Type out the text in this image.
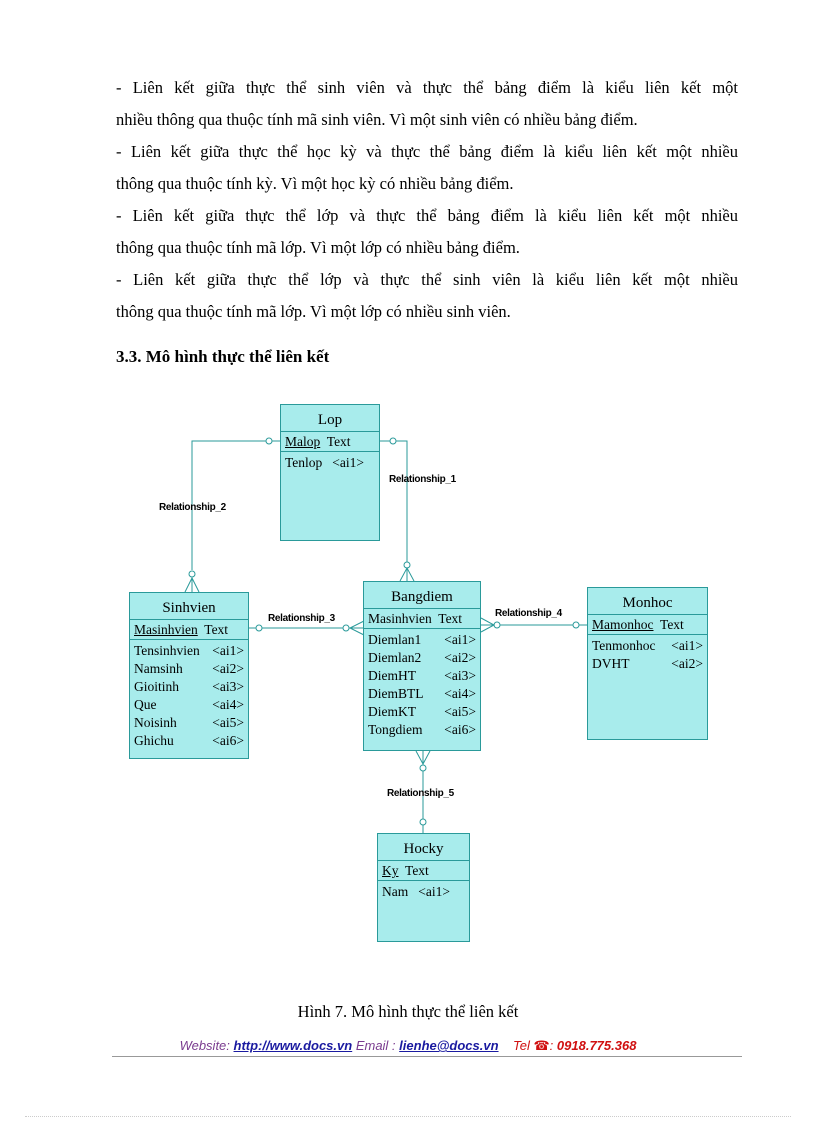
- Liên kết giữa thực thể sinh viên và thực thể bảng điểm là kiểu liên kết một
nhiều thông qua thuộc tính mã sinh viên. Vì một sinh viên có nhiều bảng điểm.
- Liên kết giữa thực thể học kỳ và thực thể bảng điểm là kiểu liên kết một nhiều
thông qua thuộc tính kỳ. Vì một học kỳ có nhiều bảng điểm.
- Liên kết giữa thực thể lớp và thực thể bảng điểm là kiểu liên kết một nhiều
thông qua thuộc tính mã lớp. Vì một lớp có nhiều bảng điểm.
- Liên kết giữa thực thể lớp và thực thể sinh viên là kiểu liên kết một nhiều
thông qua thuộc tính mã lớp. Vì một lớp có nhiều sinh viên.
3.3. Mô hình thực thể liên kết
Relationship_1
Relationship_2
Relationship_3	Relationship_4
Relationship_5
Lop
Malop Text
Tenlop <ai1>
Sinhvien
Masinhvien Text
Tensinhvien <ai1>
Namsinh <ai2>
Gioitinh <ai3>
Que	<ai4>
Noisinh	<ai5>
Ghichu	<ai6>
Bangdiem
Masinhvien Text
Diemlan1 <ai1>
Diemlan2 <ai2>
DiemHT <ai3>
DiemBTL <ai4>
DiemKT <ai5>
Tongdiem <ai6>
Monhoc
Mamonhoc Text
Tenmonhoc <ai1>
DVHT	<ai2>
Hocky
Ky Text
Nam <ai1>
Hình 7. Mô hình thực thể liên kết
Website: http://www.docs.vn Email : lienhe@docs.vn Tel ☎: 0918.775.368
